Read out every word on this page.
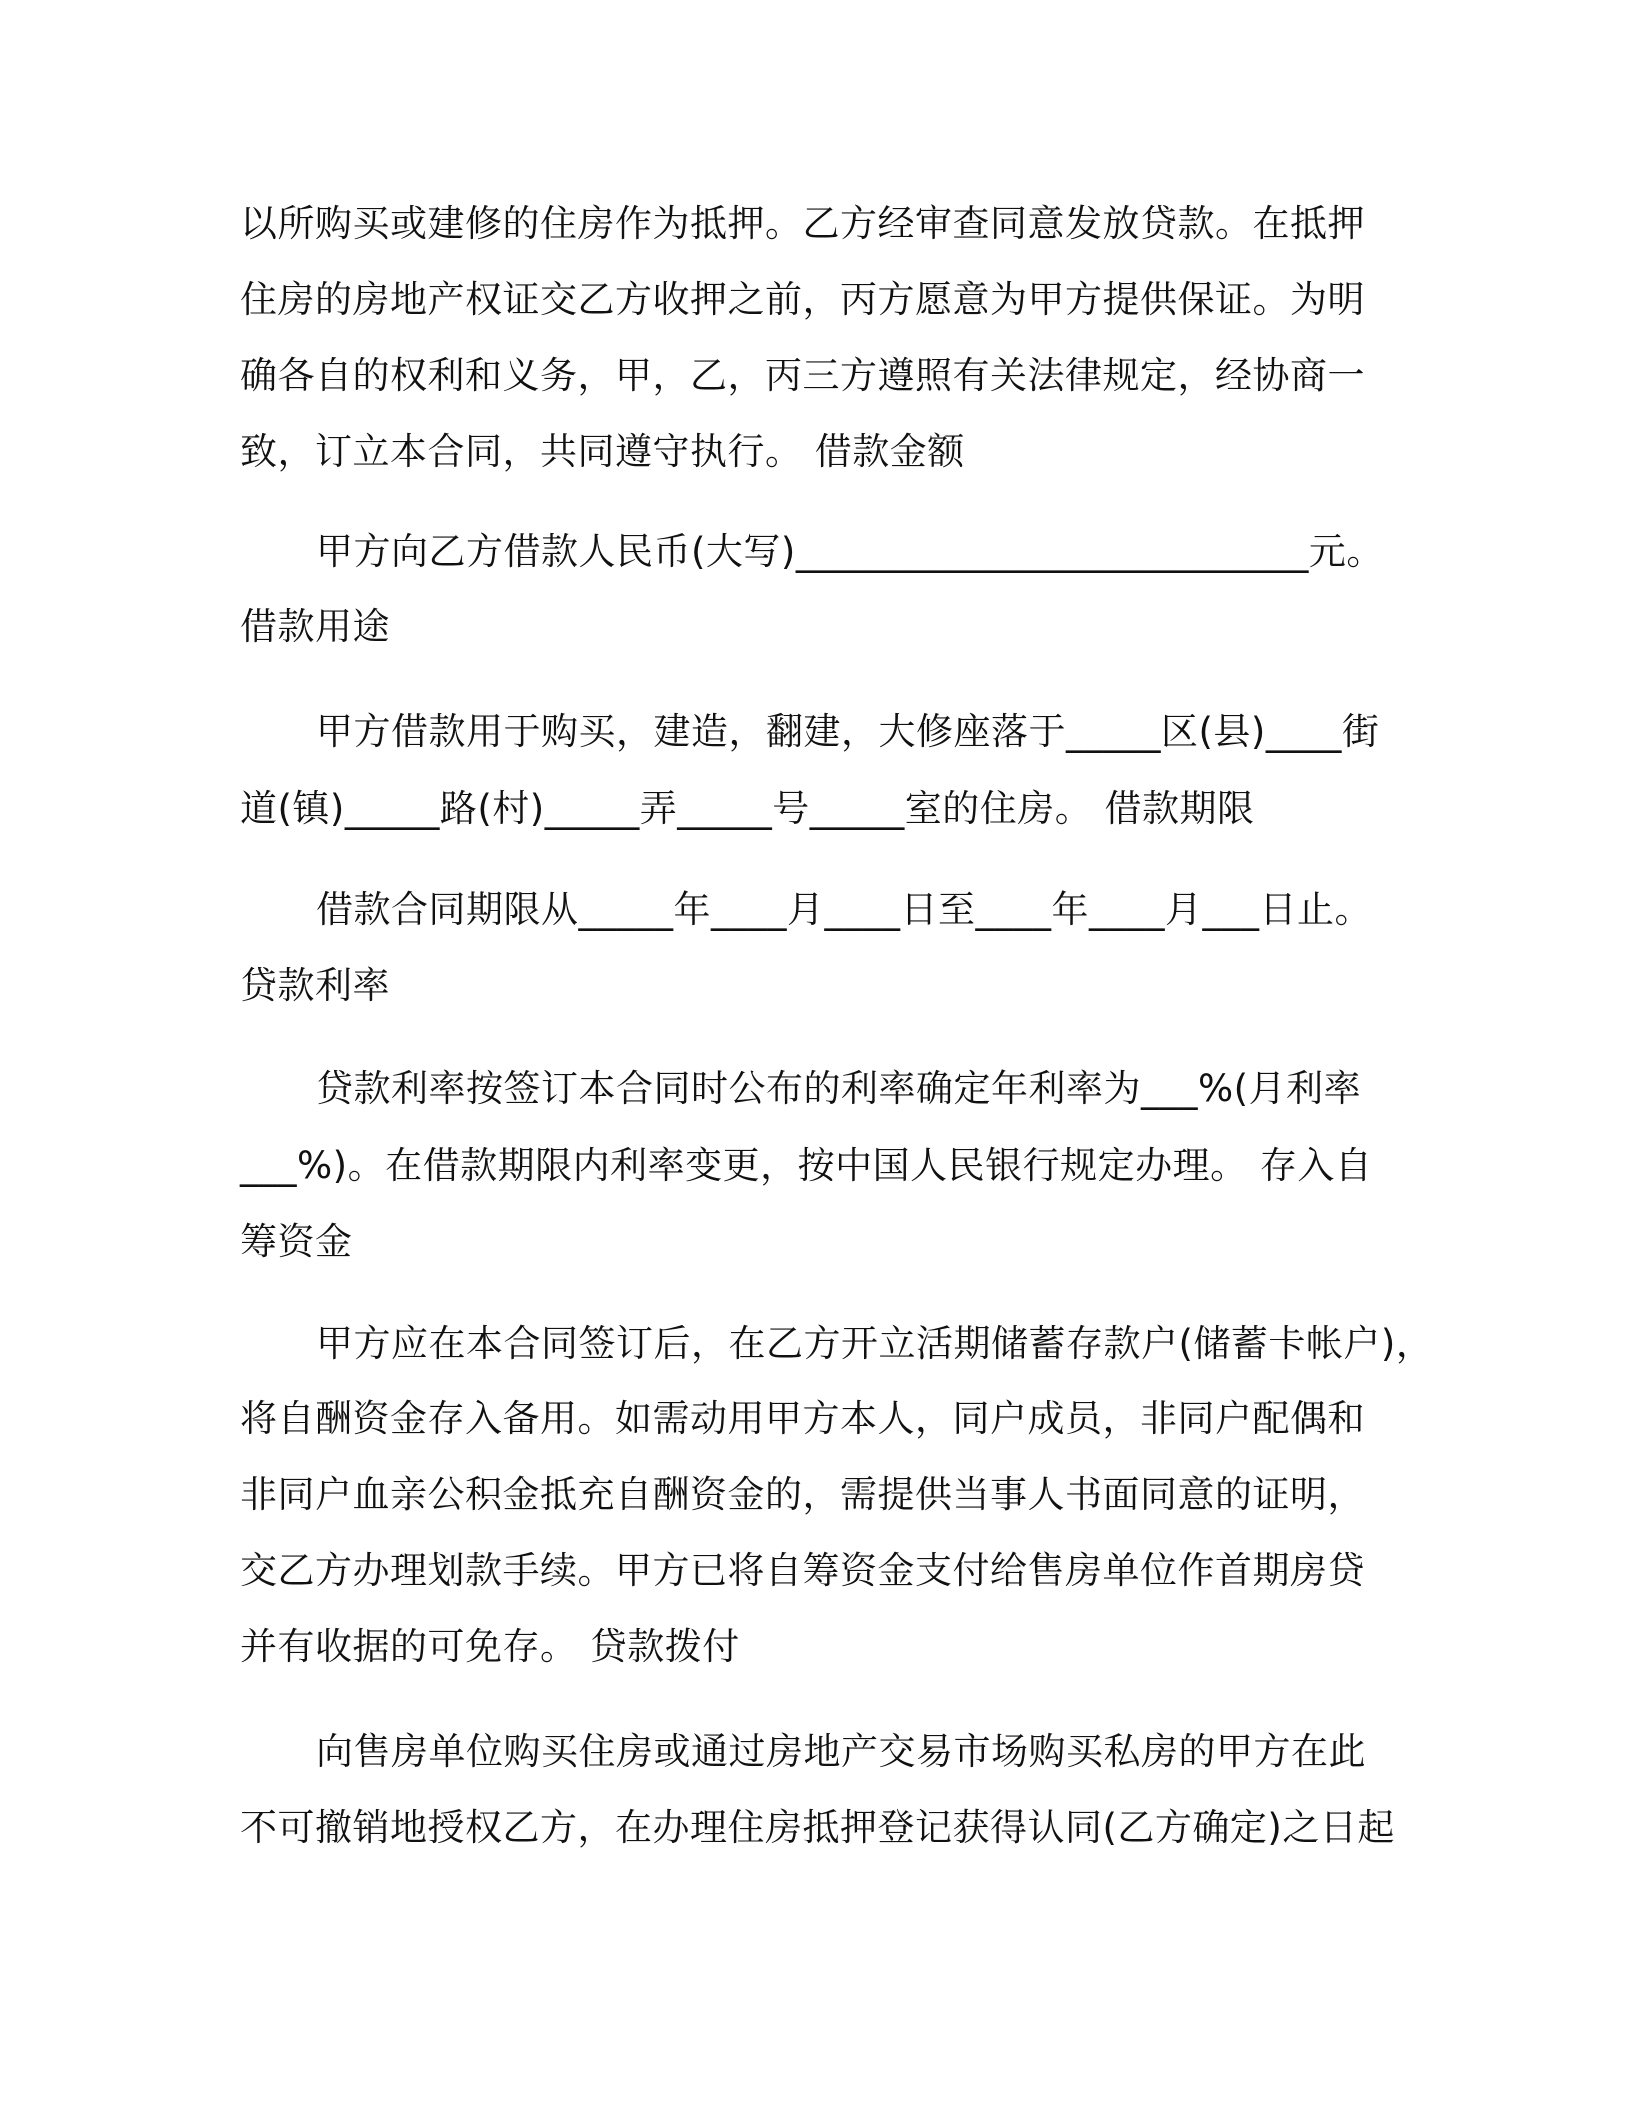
以所购买或建修的住房作为抵押。乙方经审查同意发放贷款。在抵押

住房的房地产权证交乙方收押之前，丙方愿意为甲方提供保证。为明

确各自的权利和义务，甲，乙，丙三方遵照有关法律规定，经协商一

致，订立本合同，共同遵守执行。 借款金额

甲方向乙方借款人民币(大写)___________________________元。

借款用途

甲方借款用于购买，建造，翻建，大修座落于_____区(县)____街

道(镇)_____路(村)_____弄_____号_____室的住房。 借款期限

借款合同期限从_____年____月____日至____年____月___日止。

贷款利率

贷款利率按签订本合同时公布的利率确定年利率为___%(月利率

___%)。在借款期限内利率变更，按中国人民银行规定办理。 存入自

筹资金

甲方应在本合同签订后，在乙方开立活期储蓄存款户(储蓄卡帐户)，

将自酬资金存入备用。如需动用甲方本人，同户成员，非同户配偶和

非同户血亲公积金抵充自酬资金的，需提供当事人书面同意的证明，

交乙方办理划款手续。甲方已将自筹资金支付给售房单位作首期房贷

并有收据的可免存。 贷款拨付

向售房单位购买住房或通过房地产交易市场购买私房的甲方在此

不可撤销地授权乙方，在办理住房抵押登记获得认同(乙方确定)之日起
